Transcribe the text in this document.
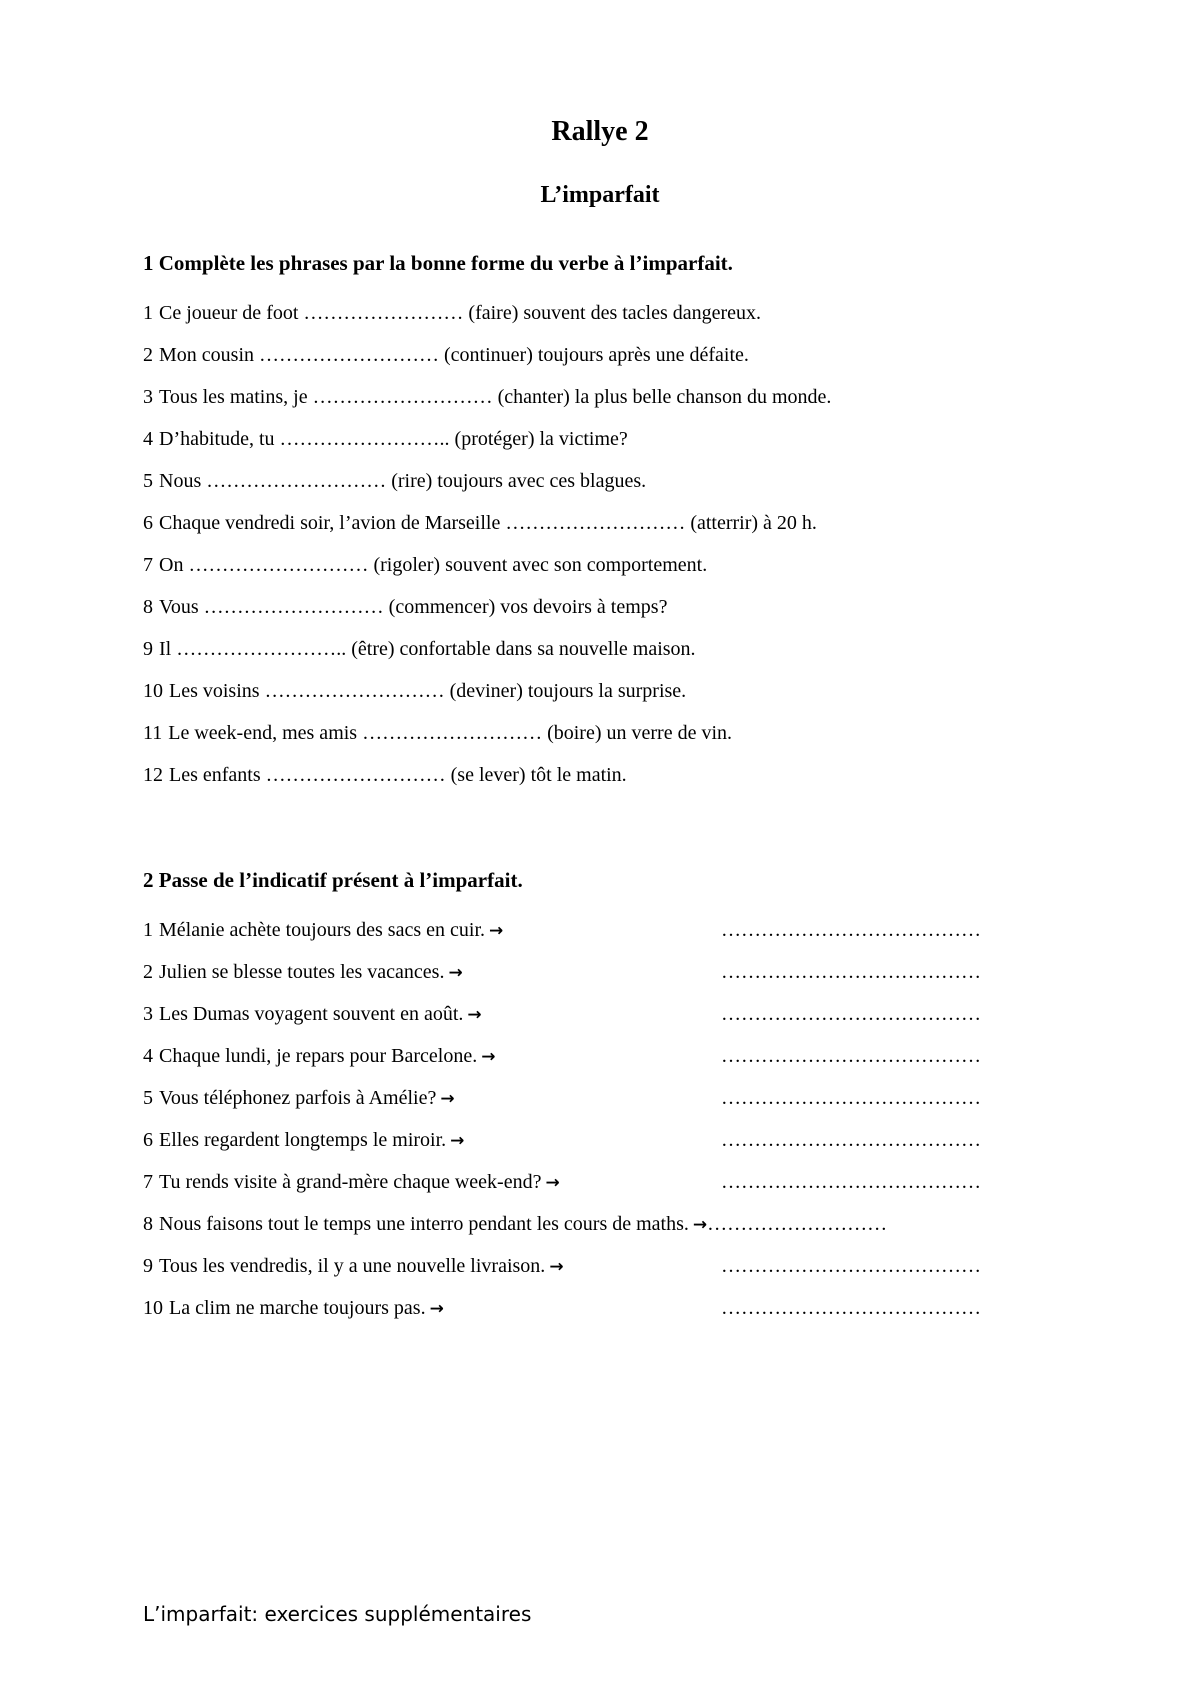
Rallye 2
L’imparfait

1 Complète les phrases par la bonne forme du verbe à l’imparfait.

1 Ce joueur de foot …………………… (faire) souvent des tacles dangereux.
2 Mon cousin ……………………… (continuer) toujours après une défaite.
3 Tous les matins, je ……………………… (chanter) la plus belle chanson du monde.
4 D’habitude, tu …………………….. (protéger) la victime?
5 Nous ……………………… (rire) toujours avec ces blagues.
6 Chaque vendredi soir, l’avion de Marseille ……………………… (atterrir) à 20 h.
7 On ……………………… (rigoler) souvent avec son comportement.
8 Vous ……………………… (commencer) vos devoirs à temps?
9 Il …………………….. (être) confortable dans sa nouvelle maison.
10 Les voisins ……………………… (deviner) toujours la surprise.
11 Le week-end, mes amis ……………………… (boire) un verre de vin.
12 Les enfants ……………………… (se lever) tôt le matin.

2 Passe de l’indicatif présent à l’imparfait.

1 Mélanie achète toujours des sacs en cuir. →	…………………………………
2 Julien se blesse toutes les vacances. →	…………………………………
3 Les Dumas voyagent souvent en août. →	…………………………………
4 Chaque lundi, je repars pour Barcelone. →	…………………………………
5 Vous téléphonez parfois à Amélie? →	…………………………………
6 Elles regardent longtemps le miroir. →	…………………………………
7 Tu rends visite à grand-mère chaque week-end? →	…………………………………
8 Nous faisons tout le temps une interro pendant les cours de maths. →………………………
9 Tous les vendredis, il y a une nouvelle livraison. →	…………………………………
10 La clim ne marche toujours pas. →	…………………………………

L’imparfait: exercices supplémentaires
